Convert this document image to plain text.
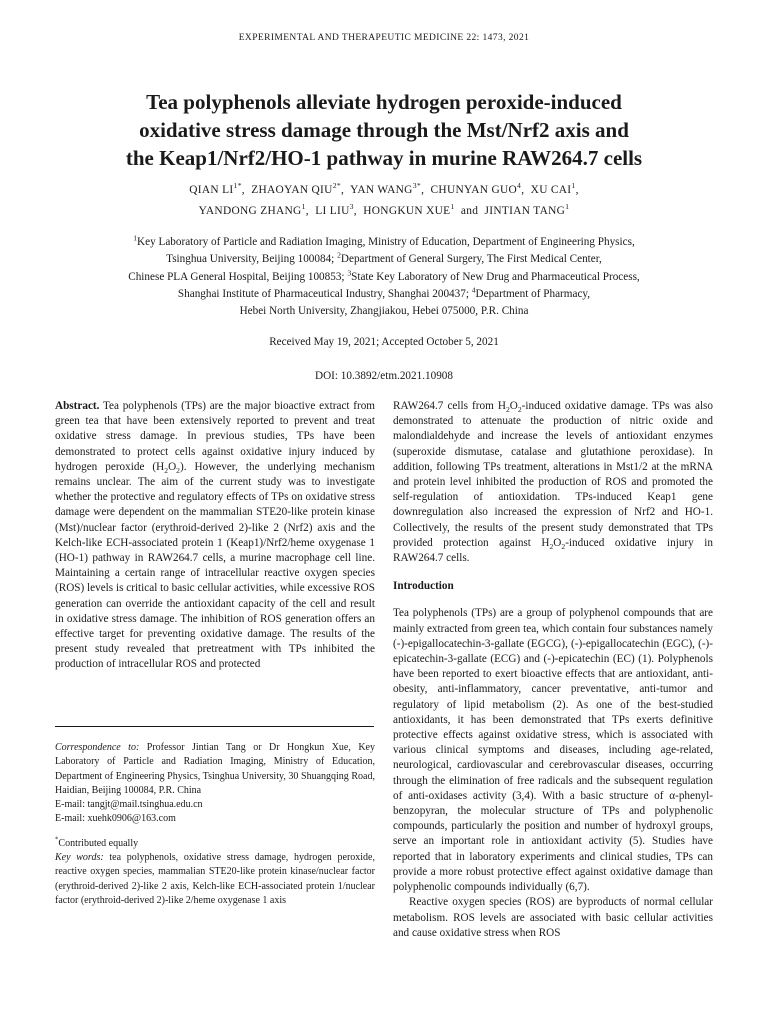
EXPERIMENTAL AND THERAPEUTIC MEDICINE 22: 1473, 2021
Tea polyphenols alleviate hydrogen peroxide-induced
oxidative stress damage through the Mst/Nrf2 axis and
the Keap1/Nrf2/HO-1 pathway in murine RAW264.7 cells
QIAN $LI^{1*}$,  ZHAOYAN $QIU^{2*}$,  YAN $WANG^{3*}$,  CHUNYAN GUO$^4$,  XU CAI$^1$,
YANDONG ZHANG$^1$,  LI LIU$^3$,  HONGKUN XUE$^1$ and JINTIAN TANG$^1$
$^1$Key Laboratory of Particle and Radiation Imaging, Ministry of Education, Department of Engineering Physics,
Tsinghua University, Beijing 100084; $^2$Department of General Surgery, The First Medical Center,
Chinese PLA General Hospital, Beijing 100853; $^3$State Key Laboratory of New Drug and Pharmaceutical Process,
Shanghai Institute of Pharmaceutical Industry, Shanghai 200437; $^4$Department of Pharmacy,
Hebei North University, Zhangjiakou, Hebei 075000, P.R. China
Received May 19, 2021; Accepted October 5, 2021
DOI: 10.3892/etm.2021.10908

Abstract. Tea polyphenols (TPs) are the major bioactive extract from green tea that have been extensively reported to prevent and treat oxidative stress damage. In previous studies, TPs have been demonstrated to protect cells against oxidative injury induced by hydrogen peroxide $(H_2O_2)$. However, the underlying mechanism remains unclear. The aim of the current study was to investigate whether the protective and regulatory effects of TPs on oxidative stress damage were dependent on the mammalian STE20-like protein kinase (Mst)/nuclear factor (erythroid-derived 2)-like 2 (Nrf2) axis and the Kelch-like ECH-associated protein 1 (Keap1)/Nrf2/heme oxygenase 1 (HO-1) pathway in RAW264.7 cells, a murine macrophage cell line. Maintaining a certain range of intracellular reactive oxygen species (ROS) levels is critical to basic cellular activities, while excessive ROS generation can override the antioxidant capacity of the cell and result in oxidative stress damage. The inhibition of ROS generation offers an effective target for preventing oxidative damage. The results of the present study revealed that pretreatment with TPs inhibited the production of intracellular ROS and protected

Correspondence to: Professor Jintian Tang or Dr Hongkun Xue, Key Laboratory of Particle and Radiation Imaging, Ministry of Education, Department of Engineering Physics, Tsinghua University, 30 Shuangqing Road, Haidian, Beijing 100084, P.R. China

E-mail: tangjt@mail.tsinghua.edu.cn

E-mail: xuehk0906@163.com

*Contributed equally

Key words: tea polyphenols, oxidative stress damage, hydrogen peroxide, reactive oxygen species, mammalian STE20-like protein kinase/nuclear factor (erythroid-derived 2)-like 2 axis, Kelch-like ECH-associated protein 1/nuclear factor (erythroid-derived 2)-like 2/heme oxygenase 1 axis

RAW264.7 cells from $H_2O_2$-induced oxidative damage. TPs was also demonstrated to attenuate the production of nitric oxide and malondialdehyde and increase the levels of antioxidant enzymes (superoxide dismutase, catalase and glutathione peroxidase). In addition, following TPs treatment, alterations in Mst1/2 at the mRNA and protein level inhibited the production of ROS and promoted the self-regulation of antioxidation. TPs-induced Keap1 gene downregulation also increased the expression of Nrf2 and HO-1. Collectively, the results of the present study demonstrated that TPs provided protection against $H_2O_2$-induced oxidative injury in RAW264.7 cells.

Introduction

Tea polyphenols (TPs) are a group of polyphenol compounds that are mainly extracted from green tea, which contain four substances namely (-)-epigallocatechin-3-gallate (EGCG), (-)-epigallocatechin (EGC), (-)-epicatechin-3-gallate (ECG) and (-)-epicatechin (EC) (1). Polyphenols have been reported to exert bioactive effects that are antioxidant, anti-obesity, anti-inflammatory, cancer preventative, anti-tumor and regulatory of lipid metabolism (2). As one of the best-studied antioxidants, it has been demonstrated that TPs exerts definitive protective effects against oxidative stress, which is associated with various clinical symptoms and diseases, including age-related, neurological, cardiovascular and cerebrovascular diseases, occurring through the elimination of free radicals and the subsequent regulation of anti-oxidases activity (3,4). With a basic structure of α-phenyl-benzopyran, the molecular structure of TPs and polyphenolic compounds, particularly the position and number of hydroxyl groups, serve an important role in antioxidant activity (5). Studies have reported that in laboratory experiments and clinical studies, TPs can provide a more robust protective effect against oxidative damage than polyphenolic compounds individually (6,7).

Reactive oxygen species (ROS) are byproducts of normal cellular metabolism. ROS levels are associated with basic cellular activities and cause oxidative stress when ROS
